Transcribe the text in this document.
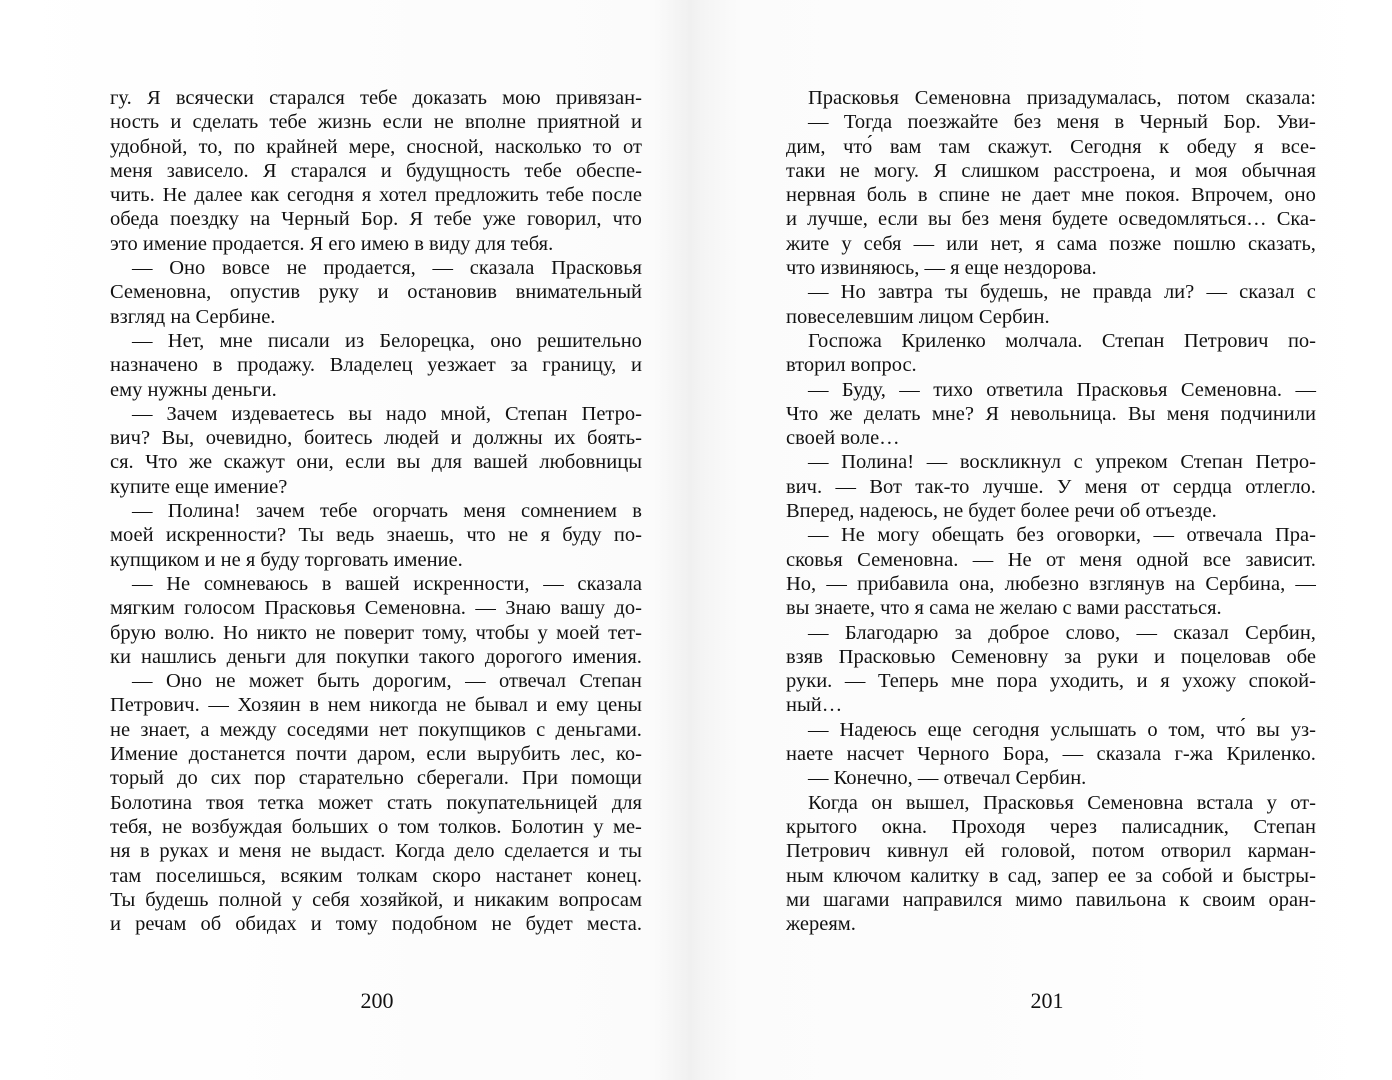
гу. Я всячески старался тебе доказать мою привязан-
ность и сделать тебе жизнь если не вполне приятной и
удобной, то, по крайней мере, сносной, насколько то от
меня зависело. Я старался и будущность тебе обеспе-
чить. Не далее как сегодня я хотел предложить тебе после
обеда поездку на Черный Бор. Я тебе уже говорил, что
это имение продается. Я его имею в виду для тебя.
— Оно вовсе не продается, — сказала Прасковья
Семеновна, опустив руку и остановив внимательный
взгляд на Сербине.
— Нет, мне писали из Белорецка, оно решительно
назначено в продажу. Владелец уезжает за границу, и
ему нужны деньги.
— Зачем издеваетесь вы надо мной, Степан Петро-
вич? Вы, очевидно, боитесь людей и должны их боять-
ся. Что же скажут они, если вы для вашей любовницы
купите еще имение?
— Полина! зачем тебе огорчать меня сомнением в
моей искренности? Ты ведь знаешь, что не я буду по-
купщиком и не я буду торговать имение.
— Не сомневаюсь в вашей искренности, — сказала
мягким голосом Прасковья Семеновна. — Знаю вашу до-
брую волю. Но никто не поверит тому, чтобы у моей тет-
ки нашлись деньги для покупки такого дорогого имения.
— Оно не может быть дорогим, — отвечал Степан
Петрович. — Хозяин в нем никогда не бывал и ему цены
не знает, а между соседями нет покупщиков с деньгами.
Имение достанется почти даром, если вырубить лес, ко-
торый до сих пор старательно сберегали. При помощи
Болотина твоя тетка может стать покупательницей для
тебя, не возбуждая больших о том толков. Болотин у ме-
ня в руках и меня не выдаст. Когда дело сделается и ты
там поселишься, всяким толкам скоро настанет конец.
Ты будешь полной у себя хозяйкой, и никаким вопросам
и речам об обидах и тому подобном не будет места.
200
Прасковья Семеновна призадумалась, потом сказала:
— Тогда поезжайте без меня в Черный Бор. Уви-
дим, что́ вам там скажут. Сегодня к обеду я все-
таки не могу. Я слишком расстроена, и моя обычная
нервная боль в спине не дает мне покоя. Впрочем, оно
и лучше, если вы без меня будете осведомляться… Ска-
жите у себя — или нет, я сама позже пошлю сказать,
что извиняюсь, — я еще нездорова.
— Но завтра ты будешь, не правда ли? — сказал с
повеселевшим лицом Сербин.
Госпожа Криленко молчала. Степан Петрович по-
вторил вопрос.
— Буду, — тихо ответила Прасковья Семеновна. —
Что же делать мне? Я невольница. Вы меня подчинили
своей воле…
— Полина! — воскликнул с упреком Степан Петро-
вич. — Вот так-то лучше. У меня от сердца отлегло.
Вперед, надеюсь, не будет более речи об отъезде.
— Не могу обещать без оговорки, — отвечала Пра-
сковья Семеновна. — Не от меня одной все зависит.
Но, — прибавила она, любезно взглянув на Сербина, —
вы знаете, что я сама не желаю с вами расстаться.
— Благодарю за доброе слово, — сказал Сербин,
взяв Прасковью Семеновну за руки и поцеловав обе
руки. — Теперь мне пора уходить, и я ухожу спокой-
ный…
— Надеюсь еще сегодня услышать о том, что́ вы уз-
наете насчет Черного Бора, — сказала г-жа Криленко.
— Конечно, — отвечал Сербин.
Когда он вышел, Прасковья Семеновна встала у от-
крытого окна. Проходя через палисадник, Степан
Петрович кивнул ей головой, потом отворил карман-
ным ключом калитку в сад, запер ее за собой и быстры-
ми шагами направился мимо павильона к своим оран-
жереям.
201
